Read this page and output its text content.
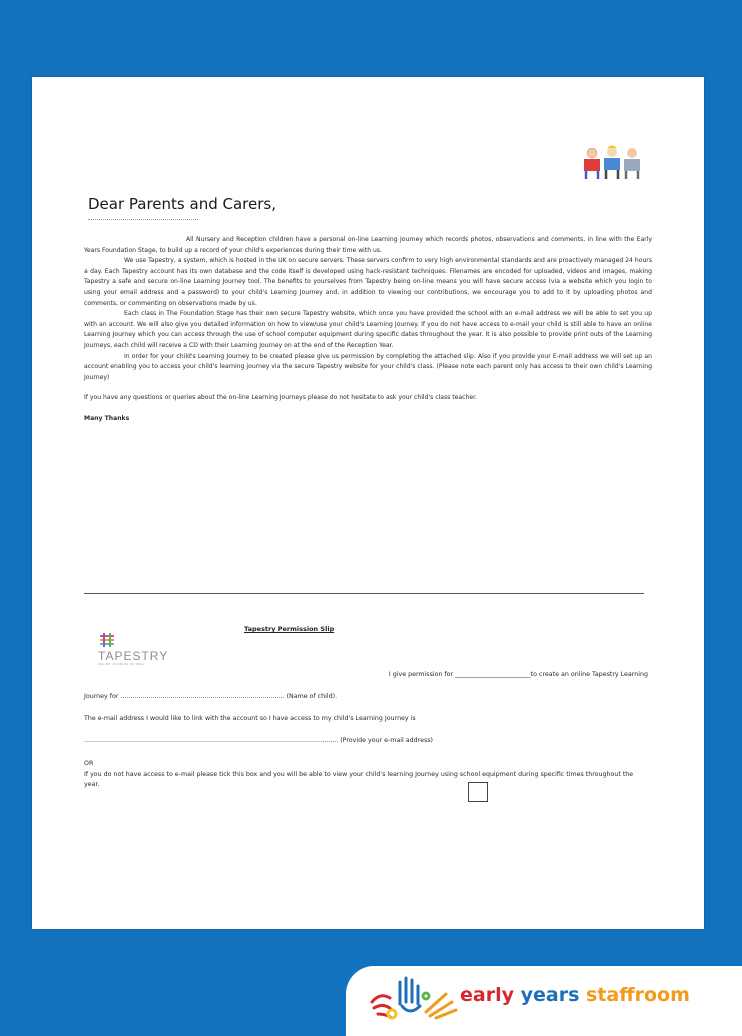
Dear Parents and Carers,

All Nursery and Reception children have a personal on-line Learning Journey which records photos, observations and comments, in line with the Early Years Foundation Stage, to build up a record of your child's experiences during their time with us.

We use Tapestry, a system, which is hosted in the UK on secure servers. These servers confirm to very high environmental standards and are proactively managed 24 hours a day. Each Tapestry account has its own database and the code itself is developed using hack-resistant techniques. Filenames are encoded for uploaded, videos and images, making Tapestry a safe and secure on-line Learning Journey tool. The benefits to yourselves from Tapestry being on-line means you will have secure access (via a website which you login to using your email address and a password) to your child's Learning Journey and, in addition to viewing our contributions, we encourage you to add to it by uploading photos and comments, or commenting on observations made by us.

Each class in The Foundation Stage has their own secure Tapestry website, which once you have provided the school with an e-mail address we will be able to set you up with an account. We will also give you detailed information on how to view/use your child's Learning Journey. If you do not have access to e-mail your child is still able to have an online Learning Journey which you can access through the use of school computer equipment during specific dates throughout the year. It is also possible to provide print outs of the Learning Journeys, each child will receive a CD with their Learning Journey on at the end of the Reception Year.

In order for your child's Learning Journey to be created please give us permission by completing the attached slip. Also if you provide your E-mail address we will set up an account enabling you to access your child's learning journey via the secure Tapestry website for your child's class. (Please note each parent only has access to their own child's Learning Journey)

If you have any questions or queries about the on-line Learning Journeys please do not hesitate to ask your child's class teacher.

Many Thanks

TAPESTRY
ONLINE LEARNING JOURNAL
Tapestry Permission Slip
I give permission for ________________________to create an online Tapestry Learning
Journey for .................................................................................. (Name of child).
The e-mail address I would like to link with the account so I have access to my child's Learning Journey is
............................................................................................................................... (Provide your e-mail address)
OR
If you do not have access to e-mail please tick this box and you will be able to view your child's learning Journey using school equipment during specific times throughout the year.
early years staffroom
